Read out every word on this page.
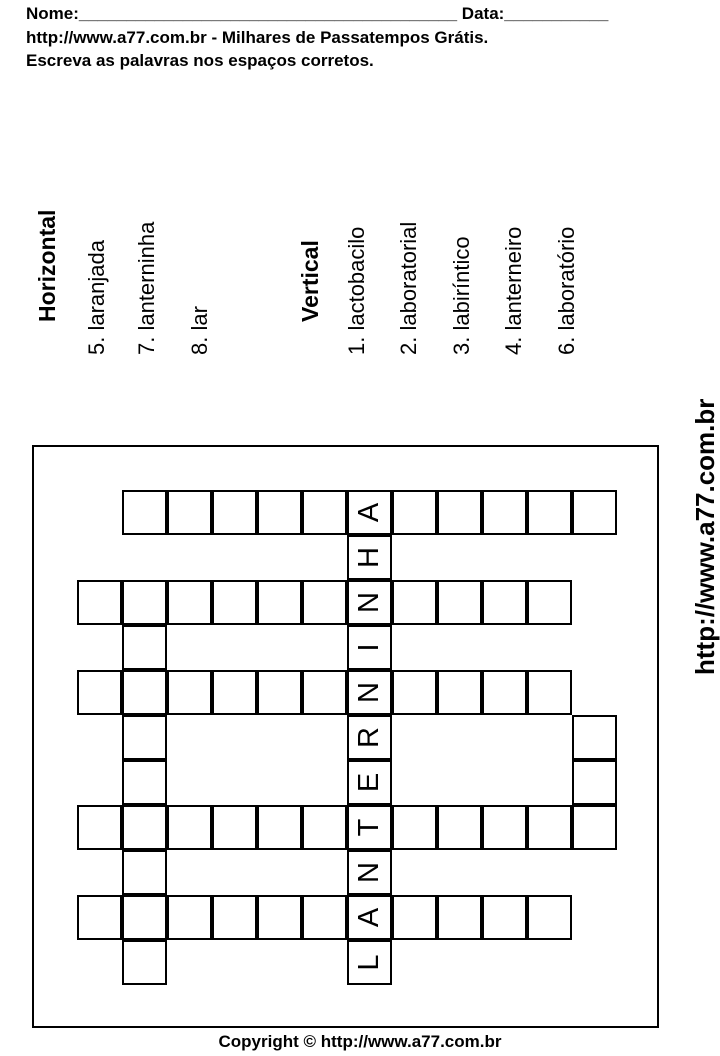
Nome:________________________________________ Data:___________
http://www.a77.com.br - Milhares de Passatempos Grátis.
Escreva as palavras nos espaços corretos.
Horizontal 5. laranjada 7. lanterninha 8. lar
Vertical 1. lactobacilo 2. laboratorial 3. labiríntico 4. lanterneiro 6. laboratório
L
A
N
T
E
R
N
I
N
H
A	http://www.a77.com.br
Copyright © http://www.a77.com.br
